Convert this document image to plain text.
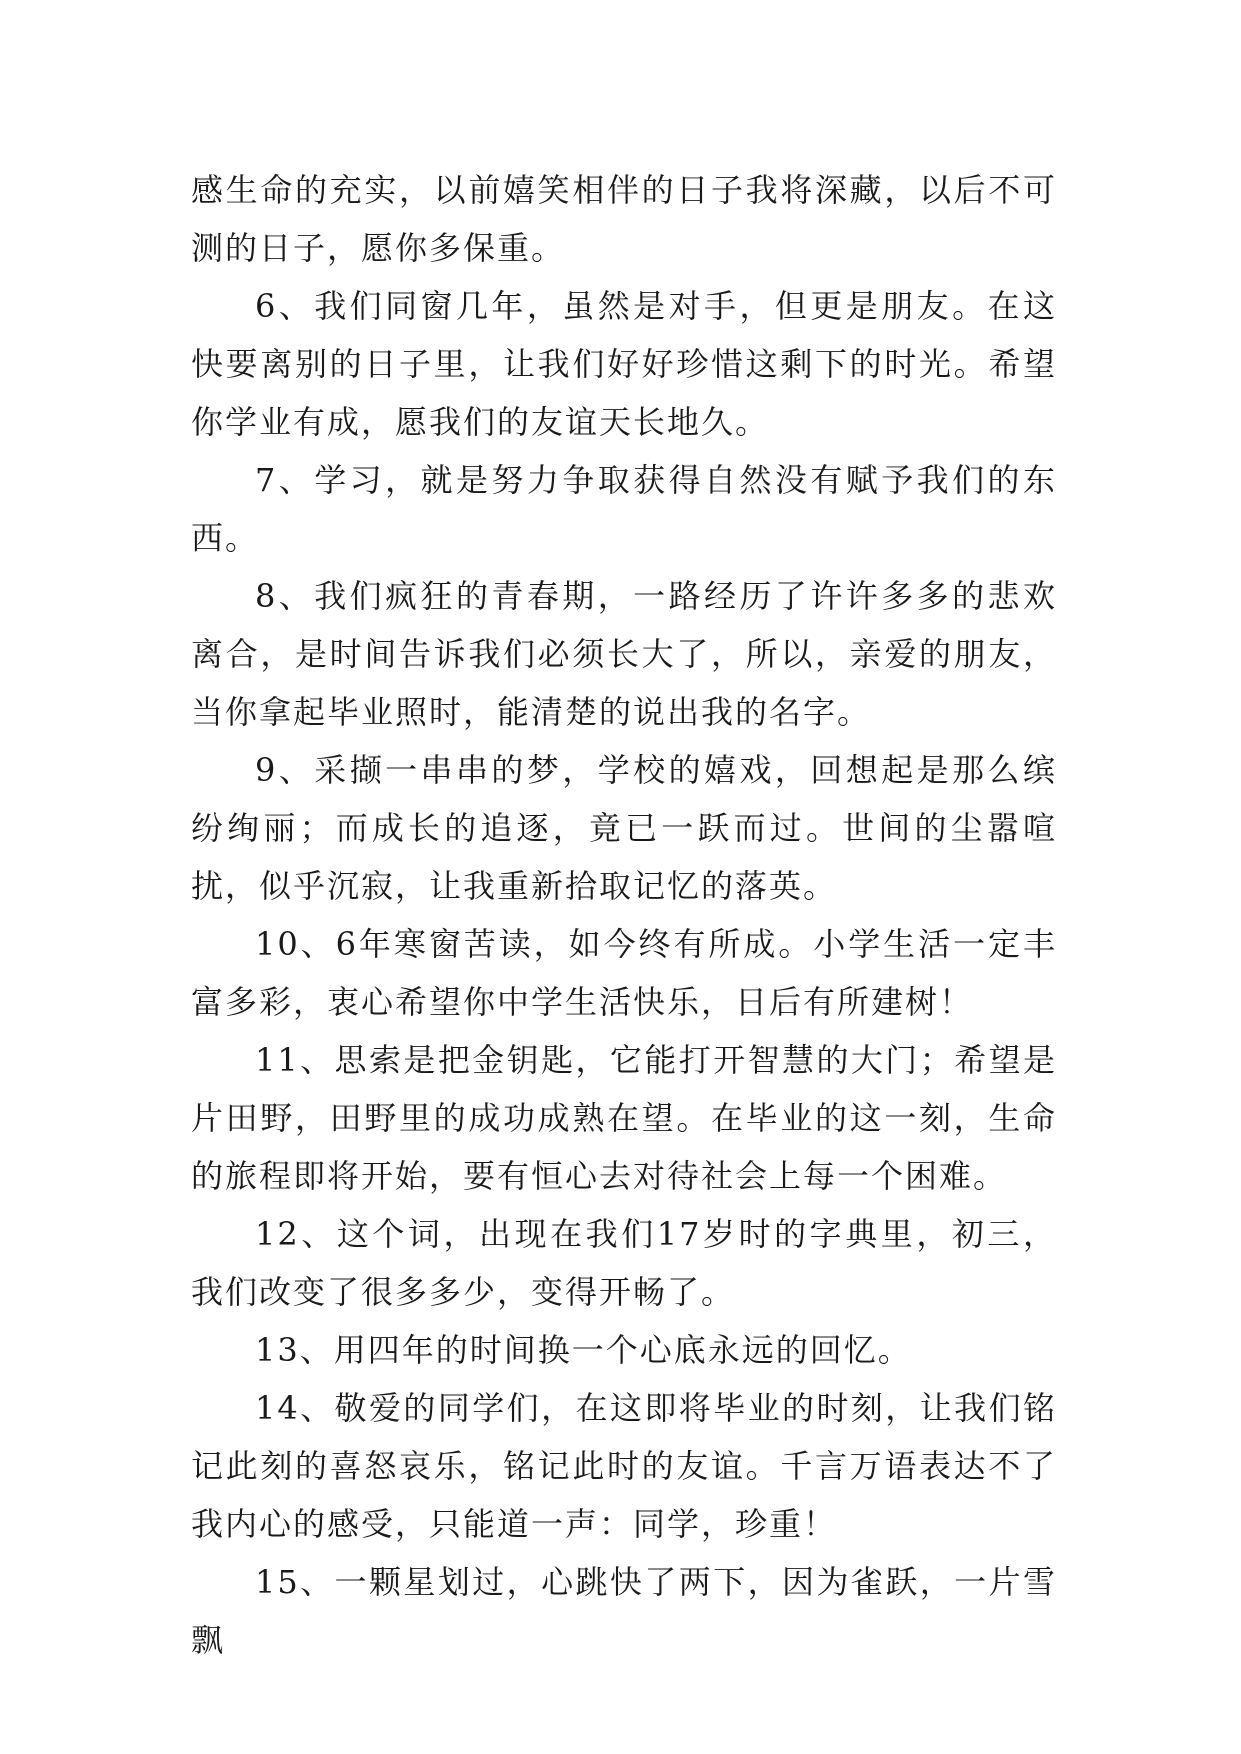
感生命的充实，以前嬉笑相伴的日子我将深藏，以后不可测的日子，愿你多保重。

6、我们同窗几年，虽然是对手，但更是朋友。在这快要离别的日子里，让我们好好珍惜这剩下的时光。希望你学业有成，愿我们的友谊天长地久。

7、学习，就是努力争取获得自然没有赋予我们的东西。

8、我们疯狂的青春期，一路经历了许许多多的悲欢离合，是时间告诉我们必须长大了，所以，亲爱的朋友，当你拿起毕业照时，能清楚的说出我的名字。

9、采撷一串串的梦，学校的嬉戏，回想起是那么缤纷绚丽；而成长的追逐，竟已一跃而过。世间的尘嚣喧扰，似乎沉寂，让我重新拾取记忆的落英。

10、6年寒窗苦读，如今终有所成。小学生活一定丰富多彩，衷心希望你中学生活快乐，日后有所建树！

11、思索是把金钥匙，它能打开智慧的大门；希望是片田野，田野里的成功成熟在望。在毕业的这一刻，生命的旅程即将开始，要有恒心去对待社会上每一个困难。

12、这个词，出现在我们17岁时的字典里，初三，我们改变了很多多少，变得开畅了。

13、用四年的时间换一个心底永远的回忆。

14、敬爱的同学们，在这即将毕业的时刻，让我们铭记此刻的喜怒哀乐，铭记此时的友谊。千言万语表达不了我内心的感受，只能道一声：同学，珍重！

15、一颗星划过，心跳快了两下，因为雀跃，一片雪飘
